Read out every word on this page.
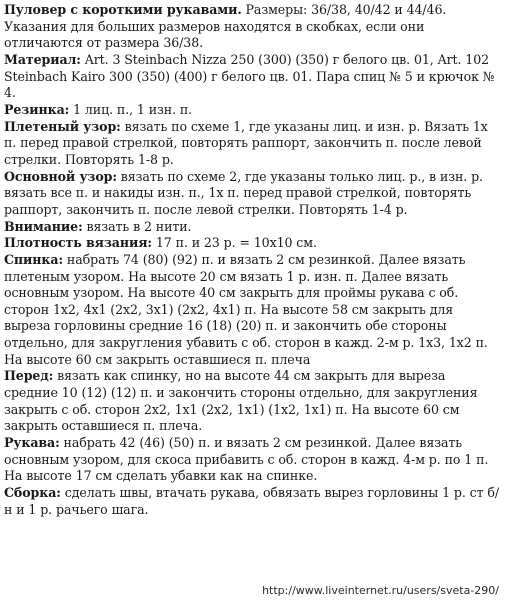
Пуловер с короткими рукавами. Размеры: 36/38, 40/42 и 44/46. Указания для больших размеров находятся в скобках, если они отличаются от размера 36/38.

Материал: Art. 3 Steinbach Nizza 250 (300) (350) г белого цв. 01, Art. 102 Steinbach Kairo 300 (350) (400) г белого цв. 01. Пара спиц № 5 и крючок № 4.

Резинка: 1 лиц. п., 1 изн. п.

Плетеный узор: вязать по схеме 1, где указаны лиц. и изн. р. Вязать 1х п. перед правой стрелкой, повторять раппорт, закончить п. после левой стрелки. Повторять 1-8 р.

Основной узор: вязать по схеме 2, где указаны только лиц. р., в изн. р. вязать все п. и накиды изн. п., 1х п. перед правой стрелкой, повторять раппорт, закончить п. после левой стрелки. Повторять 1-4 р.

Внимание: вязать в 2 нити.

Плотность вязания: 17 п. и 23 р. = 10х10 см.

Спинка: набрать 74 (80) (92) п. и вязать 2 см резинкой. Далее вязать плетеным узором. На высоте 20 см вязать 1 р. изн. п. Далее вязать основным узором. На высоте 40 см закрыть для проймы рукава с об. сторон 1х2, 4х1 (2х2, 3х1) (2х2, 4х1) п. На высоте 58 см закрыть для выреза горловины средние 16 (18) (20) п. и закончить обе стороны отдельно, для закругления убавить с об. сторон в кажд. 2-м р. 1х3, 1х2 п. На высоте 60 см закрыть оставшиеся п. плеча

Перед: вязать как спинку, но на высоте 44 см закрыть для выреза средние 10 (12) (12) п. и закончить стороны отдельно, для закругления закрыть с об. сторон 2х2, 1х1 (2х2, 1х1) (1х2, 1х1) п. На высоте 60 см закрыть оставшиеся п. плеча.

Рукава: набрать 42 (46) (50) п. и вязать 2 см резинкой. Далее вязать основным узором, для скоса прибавить с об. сторон в кажд. 4-м р. по 1 п. На высоте 17 см сделать убавки как на спинке.

Сборка: сделать швы, втачать рукава, обвязать вырез горловины 1 р. ст б/н и 1 р. рачьего шага.

http://www.liveinternet.ru/users/sveta-290/
